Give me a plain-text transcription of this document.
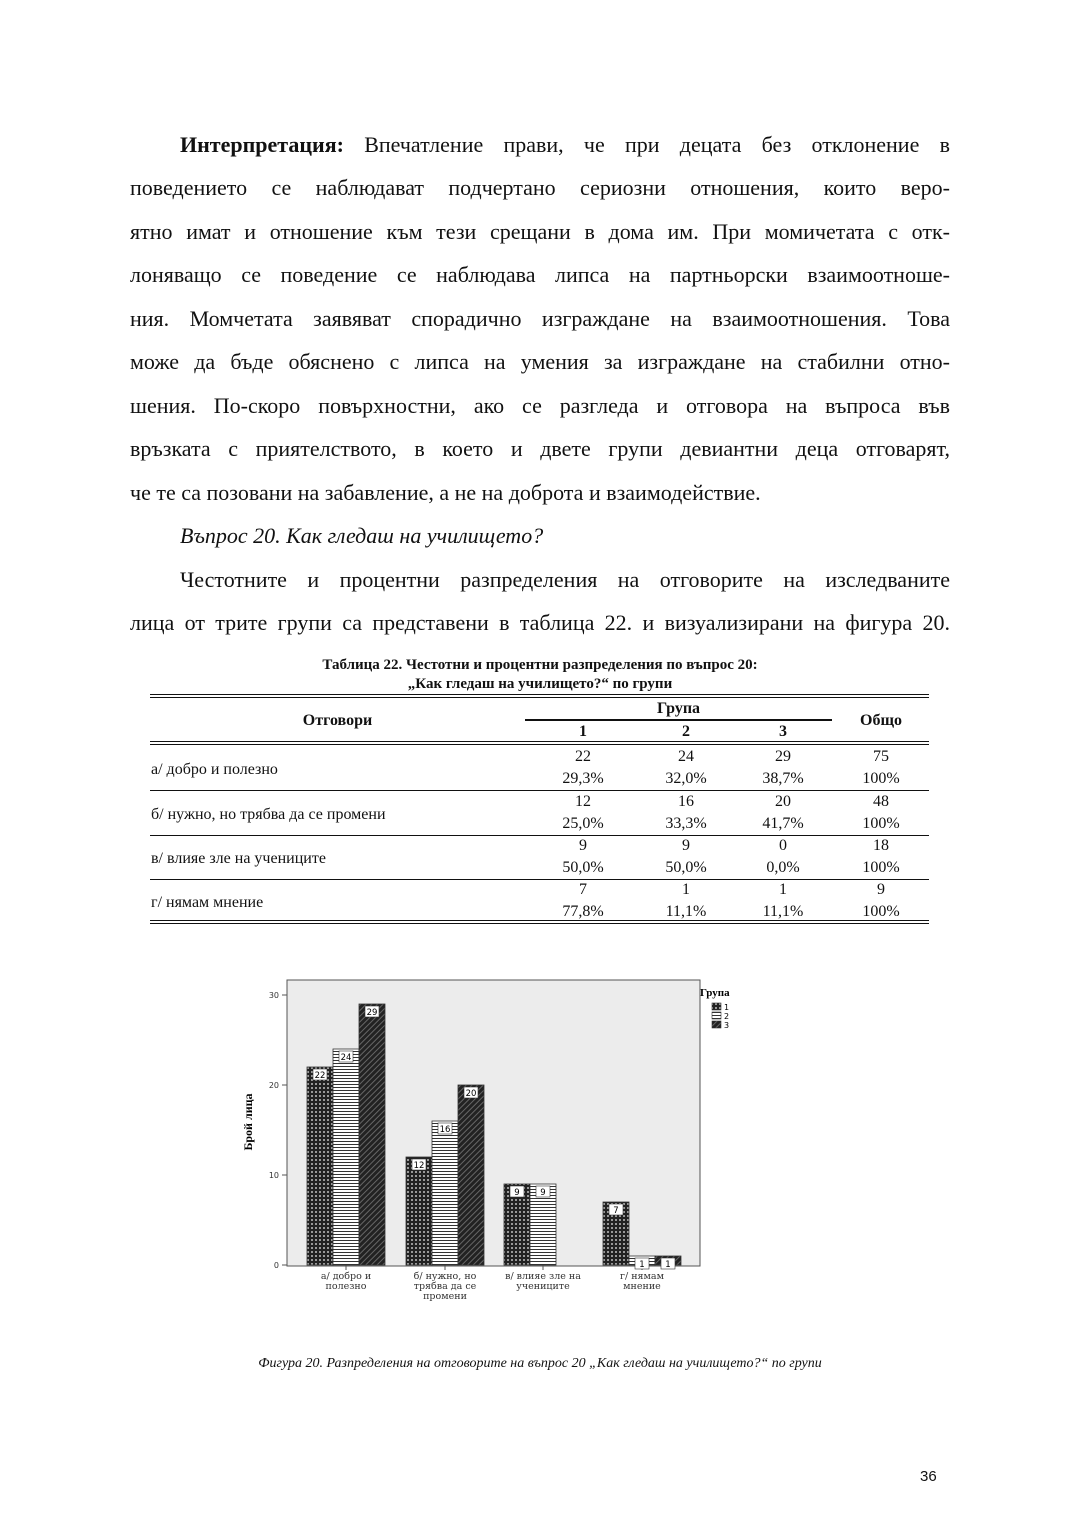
Интерпретация: Впечатление прави, че при децата без отклонение в
поведението се наблюдават подчертано сериозни отношения, които веро-
ятно имат и отношение към тези срещани в дома им. При момичетата с отк-
лоняващо се поведение се наблюдава липса на партньорски взаимоотноше-
ния. Момчетата заявяват спорадично изграждане на взаимоотношения. Това
може да бъде обяснено с липса на умения за изграждане на стабилни отно-
шения. По-скоро повърхностни, ако се разгледа и отговора на въпроса във
връзката с приятелството, в което и двете групи девиантни деца отговарят,
че те са позовани на забавление, а не на доброта и взаимодействие.
Въпрос 20. Как гледаш на училището?
Честотните и процентни разпределения на отговорите на изследваните
лица от трите групи са представени в таблица 22. и визуализирани на фигура 20.
Таблица 22. Честотни и процентни разпределения по въпрос 20:
„Как гледаш на училището?“ по групи
Отговори
Група
1	2	3
Общо
а/ добро и полезно
22
29,3%
24
32,0%
29
38,7%
75
100%
б/ нужно, но трябва да се промени
12
25,0%
16
33,3%
20
41,7%
48
100%
в/ влияе зле на учениците
9
50,0%
9
50,0%
0
0,0%
18
100%
г/ нямам мнение
7
77,8%
1
11,1%
1
11,1%
9
100%
0
10
20
30
Брой лица
а/ добро и
полезно
22
24
29
б/ нужно, но
трябва да се
промени
12
16
20
в/ влияе зле на
учениците
9 9
г/ нямам
мнение
7
1 1
Група
1
2
3
Фигура 20. Разпределения на отговорите на въпрос 20 „Как гледаш на училището?“ по групи
36
